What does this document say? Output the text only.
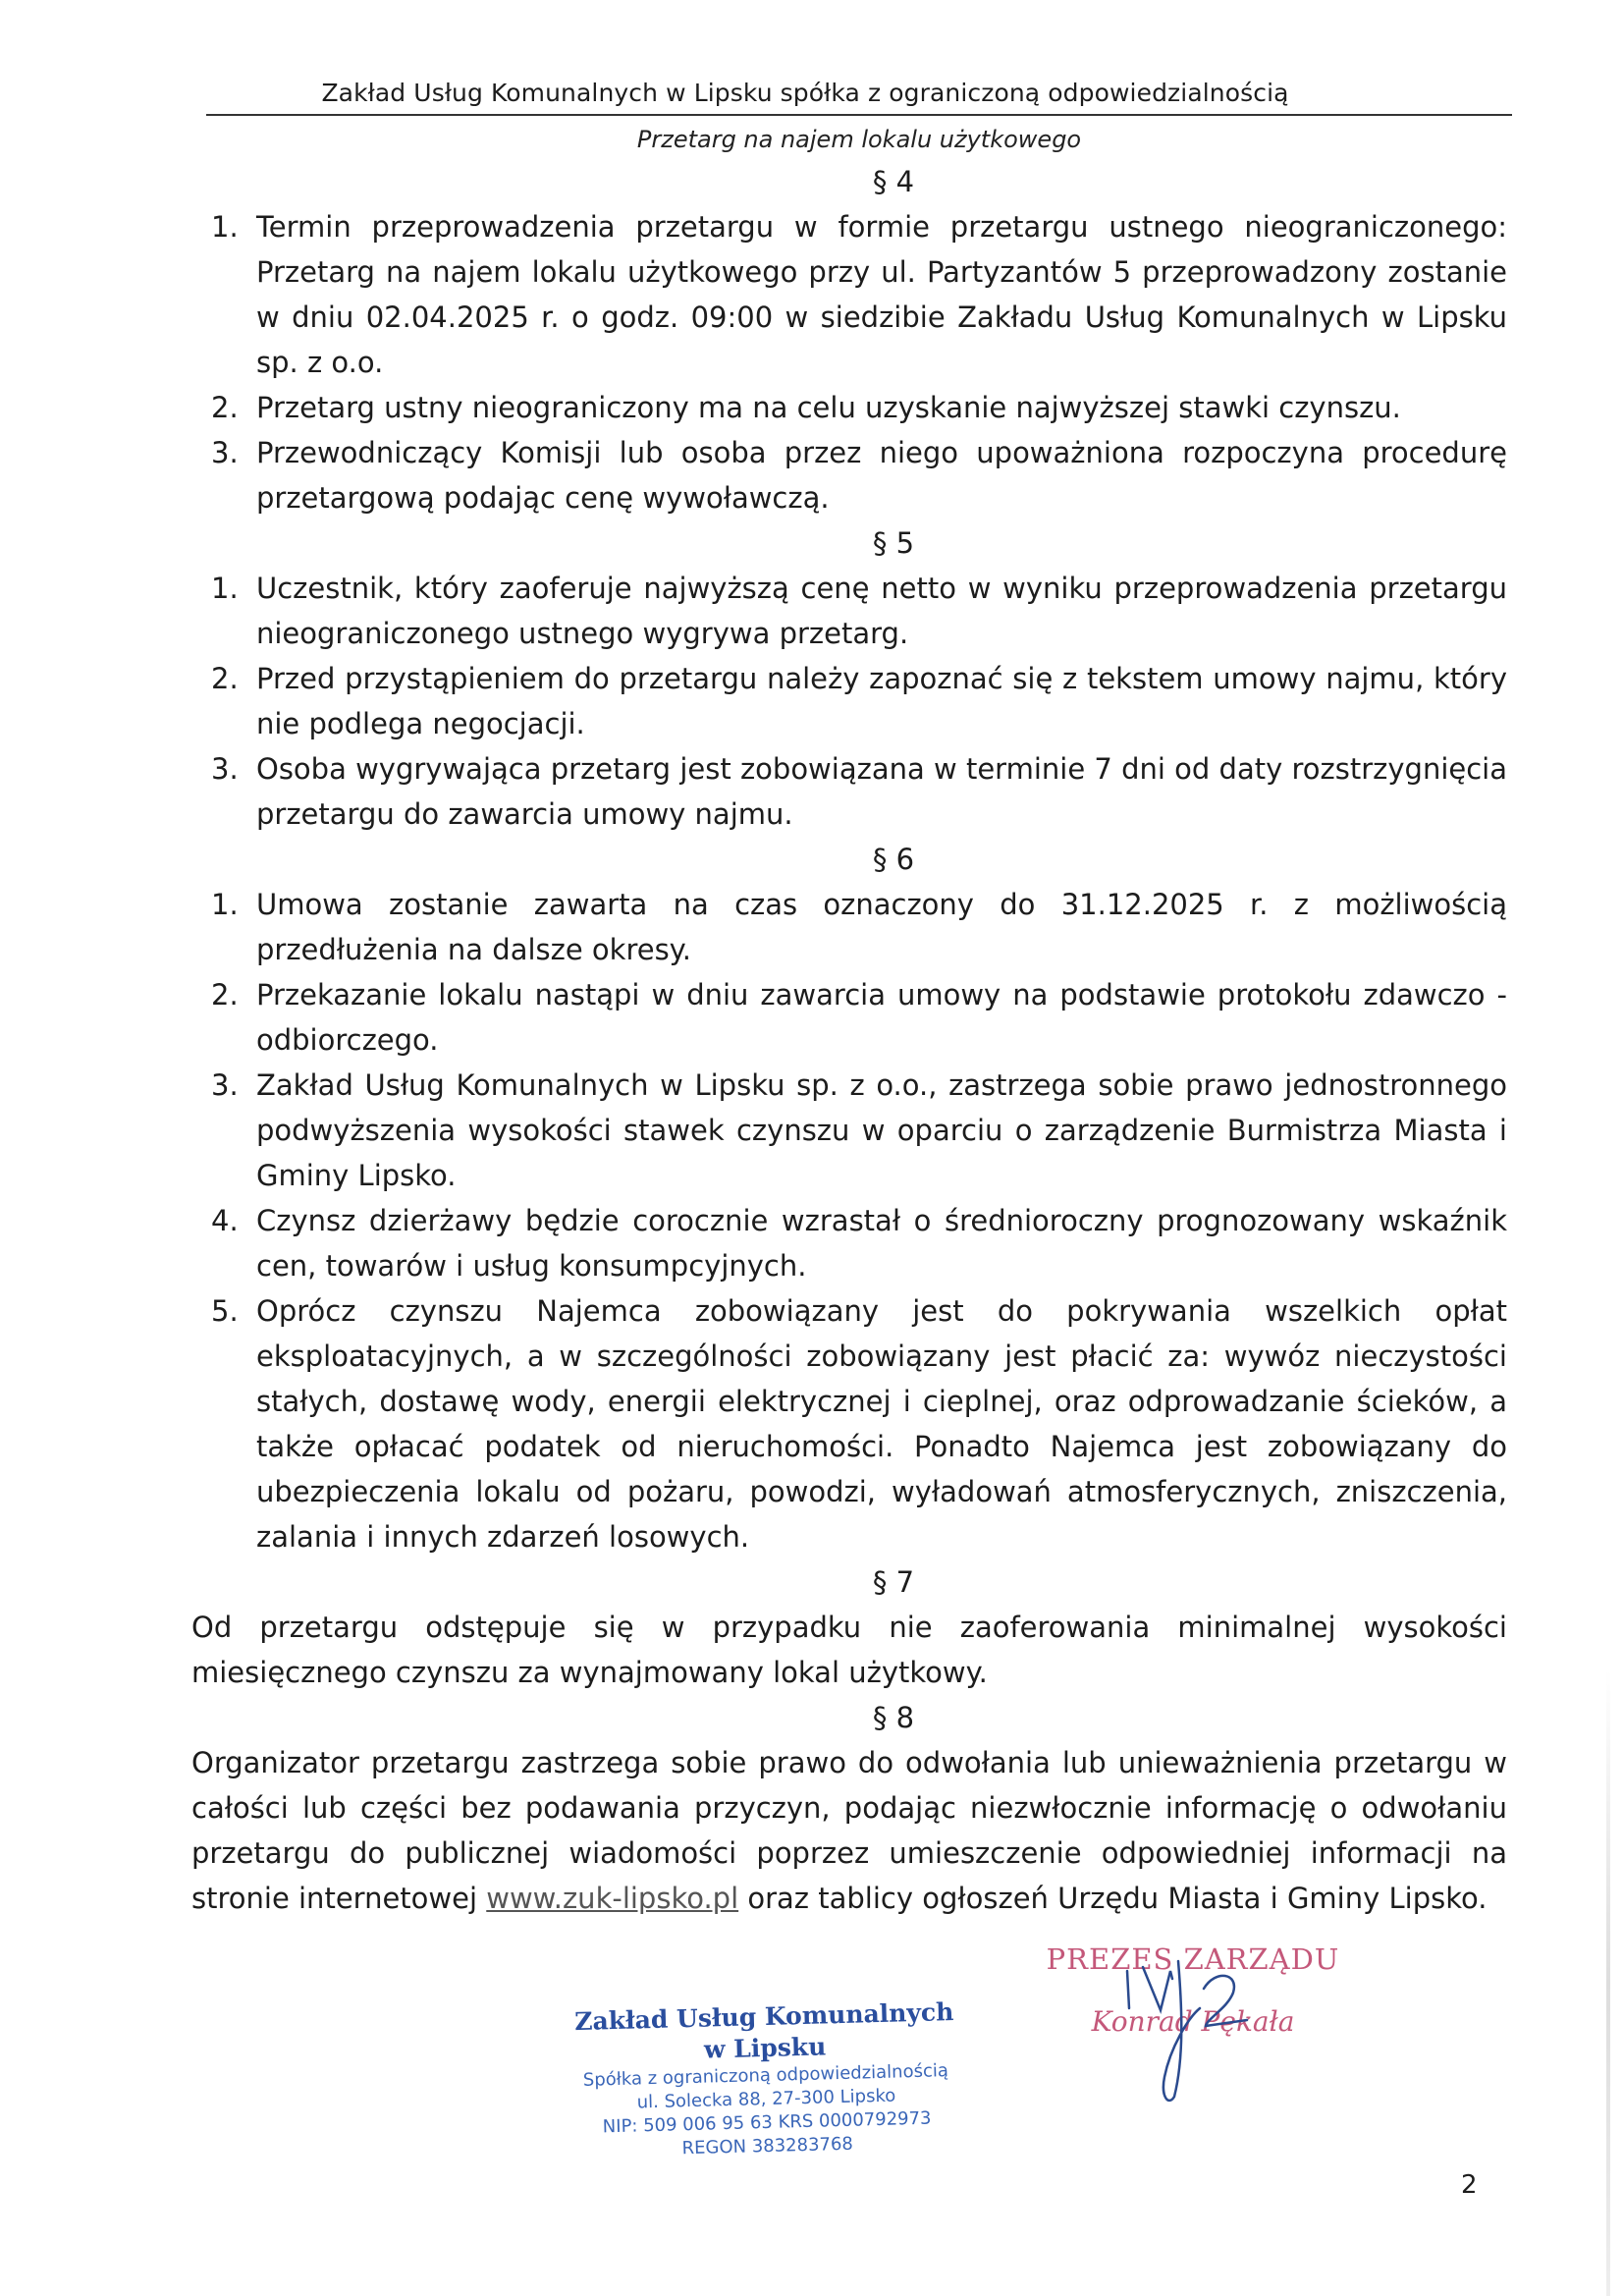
Zakład Usług Komunalnych w Lipsku spółka z ograniczoną odpowiedzialnością
Przetarg na najem lokalu użytkowego
§ 4
1. Termin przeprowadzenia przetargu w formie przetargu ustnego nieograniczonego: Przetarg na najem lokalu użytkowego przy ul. Partyzantów 5 przeprowadzony zostanie w dniu 02.04.2025 r. o godz. 09:00 w siedzibie Zakładu Usług Komunalnych w Lipsku sp. z o.o.
2. Przetarg ustny nieograniczony ma na celu uzyskanie najwyższej stawki czynszu.
3. Przewodniczący Komisji lub osoba przez niego upoważniona rozpoczyna procedurę przetargową podając cenę wywoławczą.
§ 5
1. Uczestnik, który zaoferuje najwyższą cenę netto w wyniku przeprowadzenia przetargu nieograniczonego ustnego wygrywa przetarg.
2. Przed przystąpieniem do przetargu należy zapoznać się z tekstem umowy najmu, który nie podlega negocjacji.
3. Osoba wygrywająca przetarg jest zobowiązana w terminie 7 dni od daty rozstrzygnięcia przetargu do zawarcia umowy najmu.
§ 6
1. Umowa zostanie zawarta na czas oznaczony do 31.12.2025 r. z możliwością przedłużenia na dalsze okresy.
2. Przekazanie lokalu nastąpi w dniu zawarcia umowy na podstawie protokołu zdawczo - odbiorczego.
3. Zakład Usług Komunalnych w Lipsku sp. z o.o., zastrzega sobie prawo jednostronnego podwyższenia wysokości stawek czynszu w oparciu o zarządzenie Burmistrza Miasta i Gminy Lipsko.
4. Czynsz dzierżawy będzie corocznie wzrastał o średnioroczny prognozowany wskaźnik cen, towarów i usług konsumpcyjnych.
5. Oprócz czynszu Najemca zobowiązany jest do pokrywania wszelkich opłat eksploatacyjnych, a w szczególności zobowiązany jest płacić za: wywóz nieczystości stałych, dostawę wody, energii elektrycznej i cieplnej, oraz odprowadzanie ścieków, a także opłacać podatek od nieruchomości. Ponadto Najemca jest zobowiązany do ubezpieczenia lokalu od pożaru, powodzi, wyładowań atmosferycznych, zniszczenia, zalania i innych zdarzeń losowych.
§ 7

Od przetargu odstępuje się w przypadku nie zaoferowania minimalnej wysokości miesięcznego czynszu za wynajmowany lokal użytkowy.

§ 8

Organizator przetargu zastrzega sobie prawo do odwołania lub unieważnienia przetargu w całości lub części bez podawania przyczyn, podając niezwłocznie informację o odwołaniu przetargu do publicznej wiadomości poprzez umieszczenie odpowiedniej informacji na stronie internetowej www.zuk-lipsko.pl oraz tablicy ogłoszeń Urzędu Miasta i Gminy Lipsko.

Zakład Usług Komunalnych
w Lipsku
Spółka z ograniczoną odpowiedzialnością
ul. Solecka 88, 27-300 Lipsko
NIP: 509 006 95 63 KRS 0000792973
REGON 383283768
PREZES ZARZĄDU
Konrad Pękała
2
